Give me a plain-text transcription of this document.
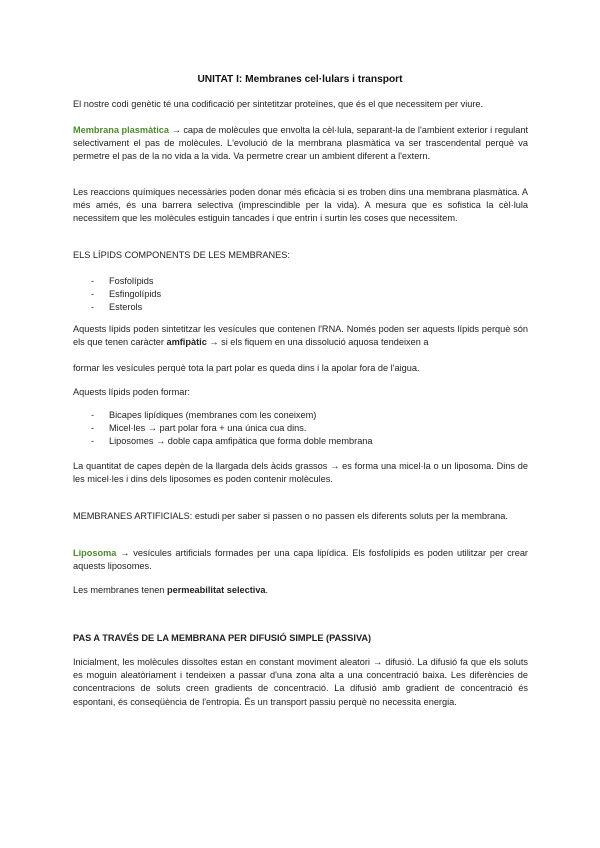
UNITAT I: Membranes cel·lulars i transport

El nostre codi genètic té una codificació per sintetitzar proteïnes, que és el que necessitem per viure.

Membrana plasmàtica → capa de molècules que envolta la cèl·lula, separant-la de l'ambient exterior i regulant selectivament el pas de molècules. L'evolució de la membrana plasmàtica va ser trascendental perquè va permetre el pas de la no vida a la vida. Va permetre crear un ambient diferent a l'extern.

Les reaccions químiques necessàries poden donar més eficàcia si es troben dins una membrana plasmàtica. A més amés, és una barrera selectiva (imprescindible per la vida). A mesura que es sofistica la cèl·lula necessitem que les molècules estiguin tancades i que entrin i surtin les coses que necessitem.

ELS LÍPIDS COMPONENTS DE LES MEMBRANES:

- Fosfolípids
- Esfingolípids
- Esterols

Aquests lípids poden sintetitzar les vesícules que contenen l'RNA. Només poden ser aquests lípids perquè són els que tenen caràcter amfipàtic → si els fiquem en una dissolució aquosa tendeixen a

formar les vesícules perquè tota la part polar es queda dins i la apolar fora de l'aigua.

Aquests lípids poden formar:

- Bicapes lipídiques (membranes com les coneixem)
- Micel·les → part polar fora + una única cua dins.
- Liposomes → doble capa amfipàtica que forma doble membrana

La quantitat de capes depèn de la llargada dels àcids grassos → es forma una micel·la o un liposoma. Dins de les micel·les i dins dels liposomes es poden contenir molècules.

MEMBRANES ARTIFICIALS: estudi per saber si passen o no passen els diferents soluts per la membrana.

Liposoma → vesícules artificials formades per una capa lipídica. Els fosfolípids es poden utilitzar per crear aquests liposomes.

Les membranes tenen permeabilitat selectiva.

PAS A TRAVÉS DE LA MEMBRANA PER DIFUSIÓ SIMPLE (PASSIVA)

Inicialment, les molècules dissoltes estan en constant moviment aleatori → difusió. La difusió fa que els soluts es moguin aleatòriament i tendeixen a passar d'una zona alta a una concentració baixa. Les diferències de concentracions de soluts creen gradients de concentració. La difusió amb gradient de concentració és espontani, és conseqüència de l'entropia. És un transport passiu perquè no necessita energia.
